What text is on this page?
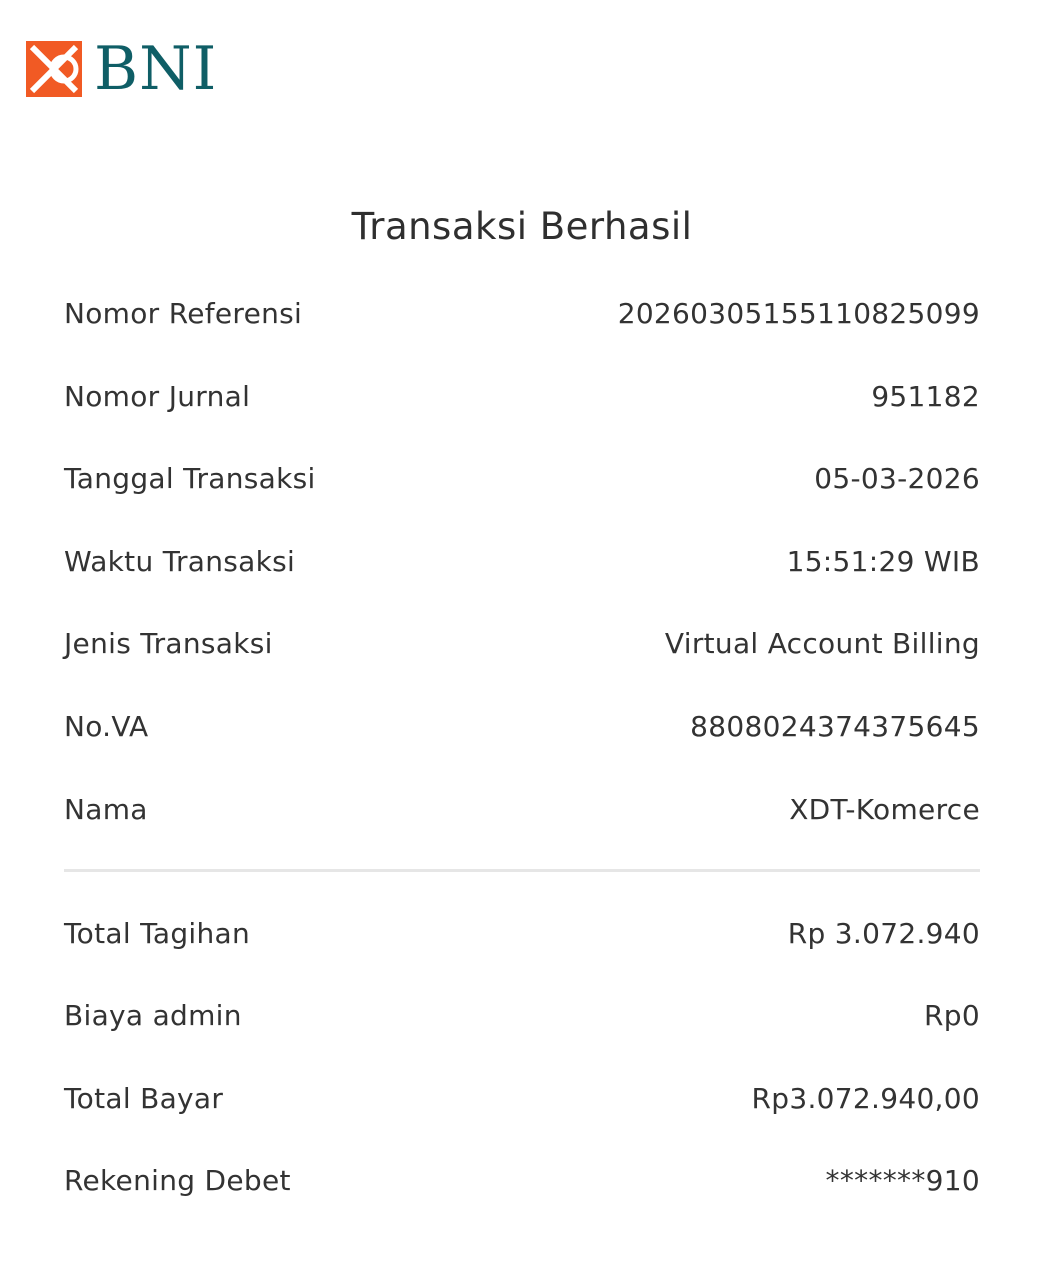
BNI
Transaksi Berhasil
Nomor Referensi	20260305155110825099
Nomor Jurnal	951182
Tanggal Transaksi	05-03-2026
Waktu Transaksi	15:51:29 WIB
Jenis Transaksi	Virtual Account Billing
No.VA	8808024374375645
Nama	XDT-Komerce
Total Tagihan	Rp 3.072.940
Biaya admin	Rp0
Total Bayar	Rp3.072.940,00
Rekening Debet	*******910
